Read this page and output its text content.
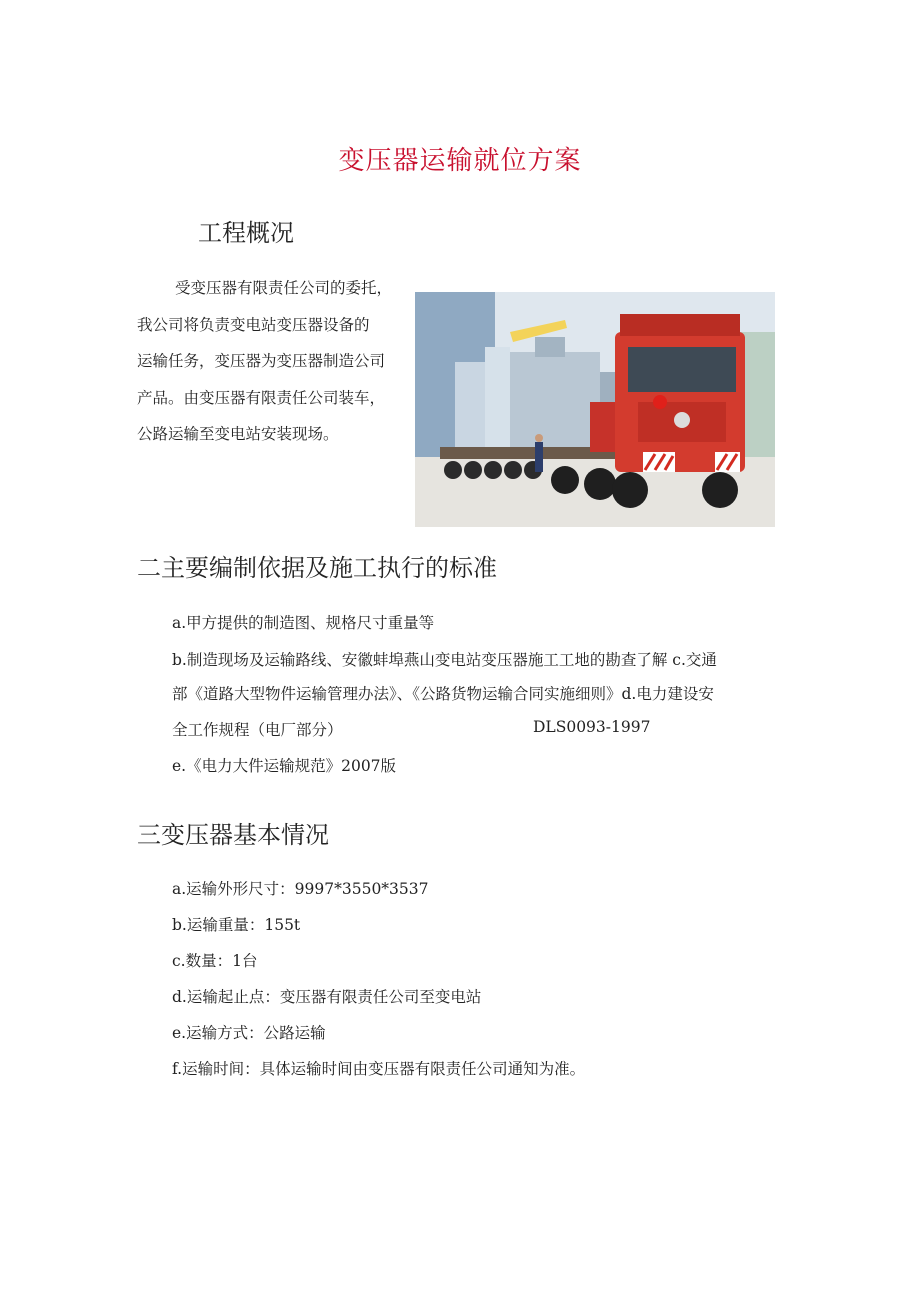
变压器运输就位方案
工程概况
受变压器有限责任公司的委托，
我公司将负责变电站变压器设备的
运输任务，变压器为变压器制造公司
产品。由变压器有限责任公司装车，
公路运输至变电站安装现场。
二主要编制依据及施工执行的标准
a.甲方提供的制造图、规格尺寸重量等
b.制造现场及运输路线、安徽蚌埠燕山变电站变压器施工工地的勘查了解 c.交通
部《道路大型物件运输管理办法》、《公路货物运输合同实施细则》d.电力建设安
全工作规程（电厂部分）	DLS0093-1997
e.《电力大件运输规范》2007版
三变压器基本情况
a.运输外形尺寸：9997*3550*3537
b.运输重量：155t
c.数量：1台
d.运输起止点：变压器有限责任公司至变电站
e.运输方式：公路运输
f.运输时间：具体运输时间由变压器有限责任公司通知为准。
